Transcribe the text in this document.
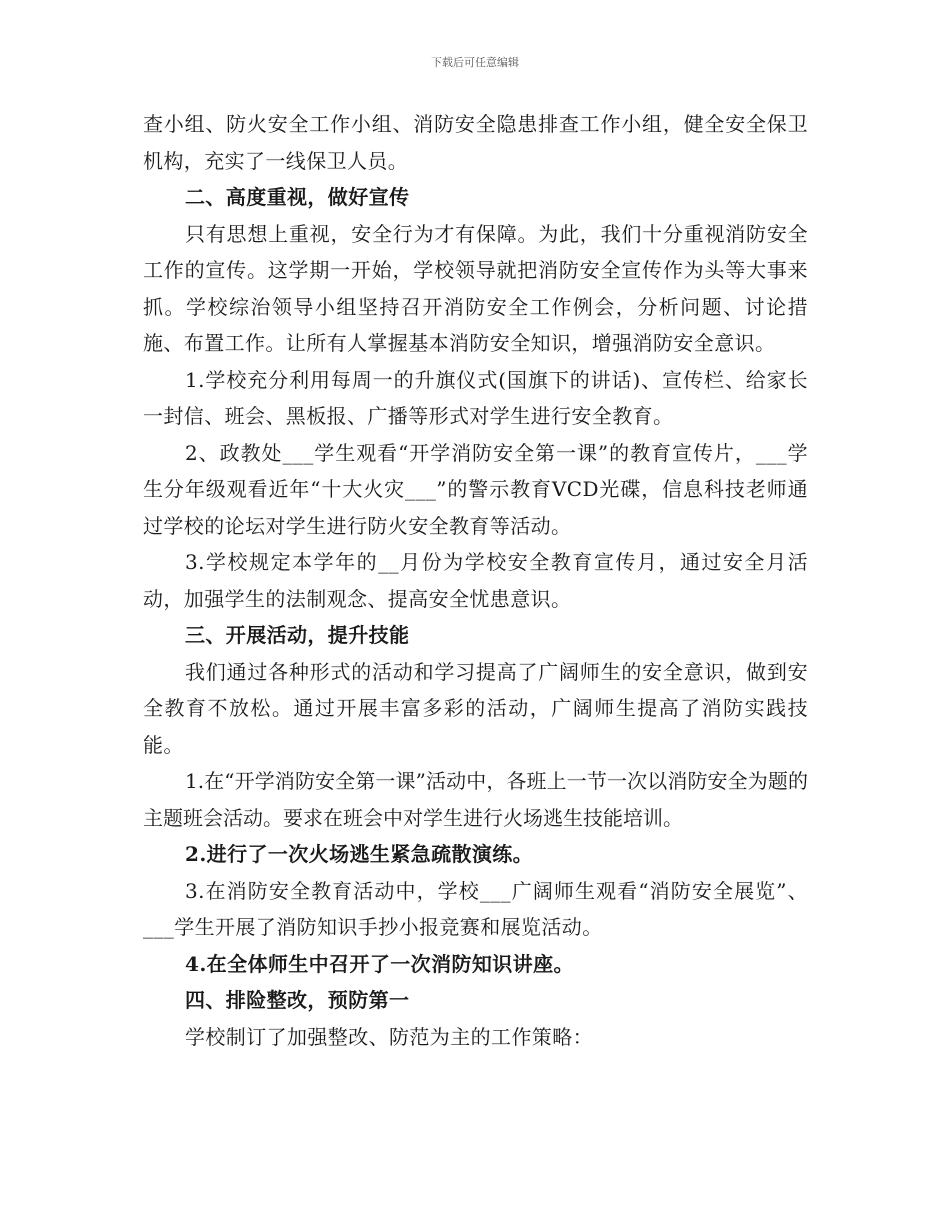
下载后可任意编辑

查小组、防火安全工作小组、消防安全隐患排查工作小组，健全安全保卫机构，充实了一线保卫人员。

二、高度重视，做好宣传

只有思想上重视，安全行为才有保障。为此，我们十分重视消防安全工作的宣传。这学期一开始，学校领导就把消防安全宣传作为头等大事来抓。学校综治领导小组坚持召开消防安全工作例会，分析问题、讨论措施、布置工作。让所有人掌握基本消防安全知识，增强消防安全意识。

1.学校充分利用每周一的升旗仪式(国旗下的讲话)、宣传栏、给家长一封信、班会、黑板报、广播等形式对学生进行安全教育。

2、政教处___学生观看“开学消防安全第一课”的教育宣传片，___学生分年级观看近年“十大火灾___”的警示教育VCD光碟，信息科技老师通过学校的论坛对学生进行防火安全教育等活动。

3.学校规定本学年的__月份为学校安全教育宣传月，通过安全月活动，加强学生的法制观念、提高安全忧患意识。

三、开展活动，提升技能

我们通过各种形式的活动和学习提高了广阔师生的安全意识，做到安全教育不放松。通过开展丰富多彩的活动，广阔师生提高了消防实践技能。

1.在“开学消防安全第一课”活动中，各班上一节一次以消防安全为题的主题班会活动。要求在班会中对学生进行火场逃生技能培训。

2.进行了一次火场逃生紧急疏散演练。

3.在消防安全教育活动中，学校___广阔师生观看“消防安全展览”、___学生开展了消防知识手抄小报竞赛和展览活动。

4.在全体师生中召开了一次消防知识讲座。

四、排险整改，预防第一

学校制订了加强整改、防范为主的工作策略：
